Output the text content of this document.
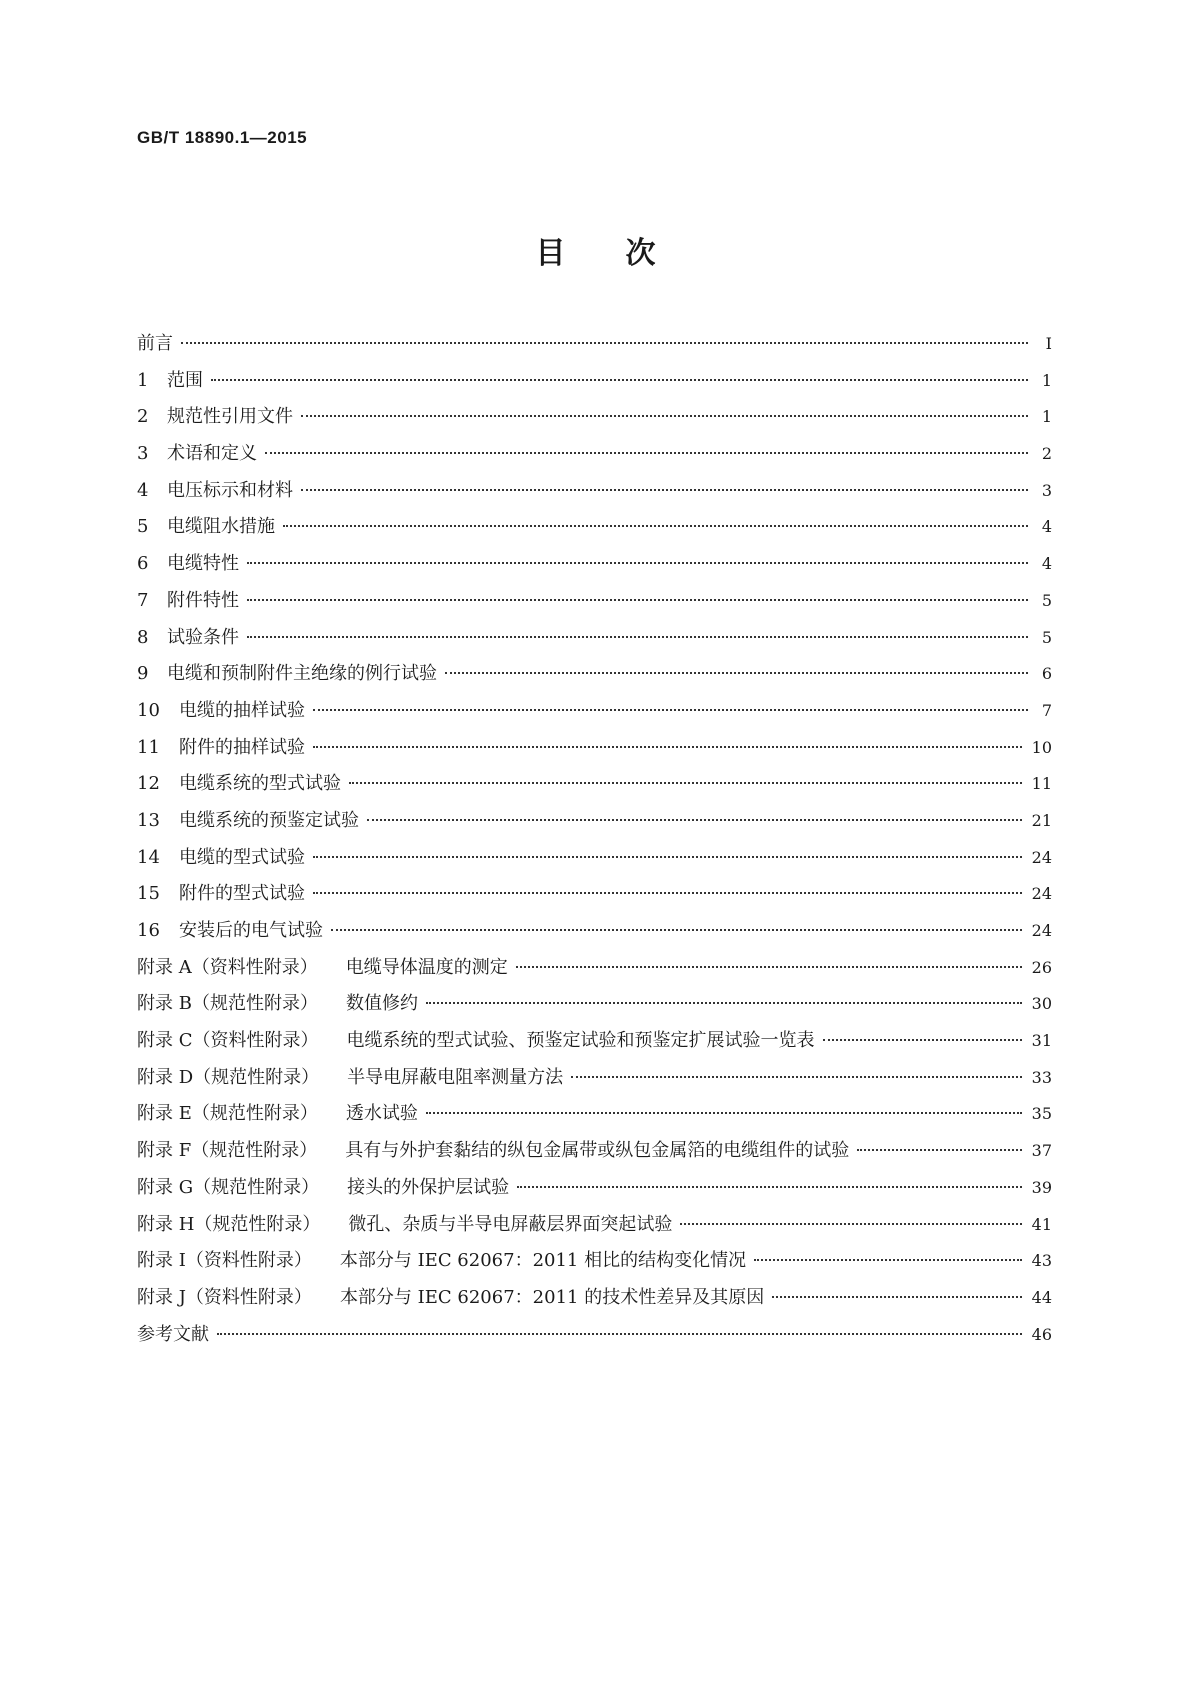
GB/T 18890.1—2015
目次
前言	Ⅰ
1	范围	1
2	规范性引用文件	1
3	术语和定义	2
4	电压标示和材料	3
5	电缆阻水措施	4
6	电缆特性	4
7	附件特性	5
8	试验条件	5
9	电缆和预制附件主绝缘的例行试验	6
10	电缆的抽样试验	7
11	附件的抽样试验	10
12	电缆系统的型式试验	11
13	电缆系统的预鉴定试验	21
14	电缆的型式试验	24
15	附件的型式试验	24
16	安装后的电气试验	24
附录 A（资料性附录） 电缆导体温度的测定	26
附录 B（规范性附录） 数值修约	30
附录 C（资料性附录） 电缆系统的型式试验、预鉴定试验和预鉴定扩展试验一览表	31
附录 D（规范性附录） 半导电屏蔽电阻率测量方法	33
附录 E（规范性附录） 透水试验	35
附录 F（规范性附录） 具有与外护套黏结的纵包金属带或纵包金属箔的电缆组件的试验	37
附录 G（规范性附录） 接头的外保护层试验	39
附录 H（规范性附录） 微孔、杂质与半导电屏蔽层界面突起试验	41
附录 I（资料性附录） 本部分与 IEC 62067：2011 相比的结构变化情况	43
附录 J（资料性附录） 本部分与 IEC 62067：2011 的技术性差异及其原因	44
参考文献	46
